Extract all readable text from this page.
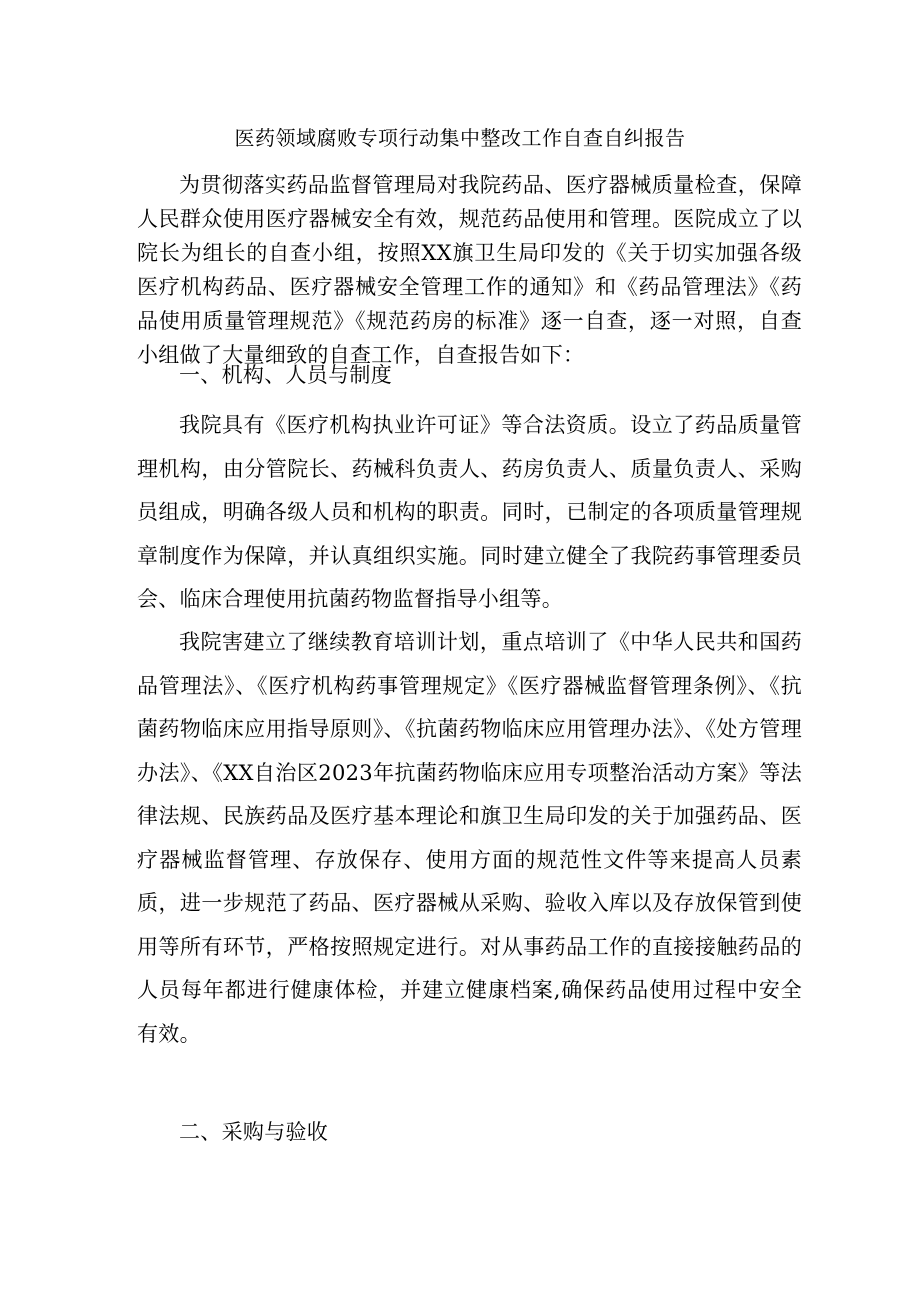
医药领域腐败专项行动集中整改工作自查自纠报告

为贯彻落实药品监督管理局对我院药品、医疗器械质量检查，保障人民群众使用医疗器械安全有效，规范药品使用和管理。医院成立了以院长为组长的自查小组，按照XX旗卫生局印发的《关于切实加强各级医疗机构药品、医疗器械安全管理工作的通知》和《药品管理法》《药品使用质量管理规范》《规范药房的标准》逐一自查，逐一对照，自查小组做了大量细致的自查工作，自查报告如下：

一、机构、人员与制度

我院具有《医疗机构执业许可证》等合法资质。设立了药品质量管理机构，由分管院长、药械科负责人、药房负责人、质量负责人、采购员组成，明确各级人员和机构的职责。同时，已制定的各项质量管理规章制度作为保障，并认真组织实施。同时建立健全了我院药事管理委员会、临床合理使用抗菌药物监督指导小组等。

我院害建立了继续教育培训计划，重点培训了《中华人民共和国药品管理法》、《医疗机构药事管理规定》《医疗器械监督管理条例》、《抗菌药物临床应用指导原则》、《抗菌药物临床应用管理办法》、《处方管理办法》、《XX自治区2023年抗菌药物临床应用专项整治活动方案》等法律法规、民族药品及医疗基本理论和旗卫生局印发的关于加强药品、医疗器械监督管理、存放保存、使用方面的规范性文件等来提高人员素质，进一步规范了药品、医疗器械从采购、验收入库以及存放保管到使用等所有环节，严格按照规定进行。对从事药品工作的直接接触药品的人员每年都进行健康体检，并建立健康档案,确保药品使用过程中安全有效。

二、采购与验收
